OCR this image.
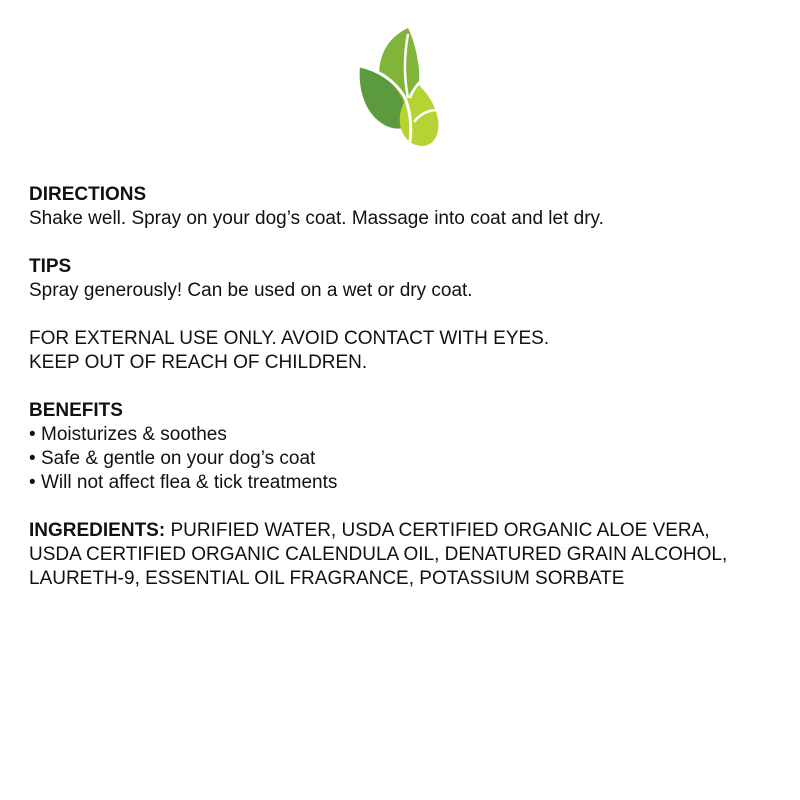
DIRECTIONS
Shake well. Spray on your dog’s coat. Massage into coat and let dry.
TIPS
Spray generously! Can be used on a wet or dry coat.
FOR EXTERNAL USE ONLY. AVOID CONTACT WITH EYES.
KEEP OUT OF REACH OF CHILDREN.
BENEFITS
• Moisturizes & soothes
• Safe & gentle on your dog’s coat
• Will not affect flea & tick treatments
INGREDIENTS: PURIFIED WATER, USDA CERTIFIED ORGANIC ALOE VERA,
USDA CERTIFIED ORGANIC CALENDULA OIL, DENATURED GRAIN ALCOHOL,
LAURETH-9, ESSENTIAL OIL FRAGRANCE, POTASSIUM SORBATE
